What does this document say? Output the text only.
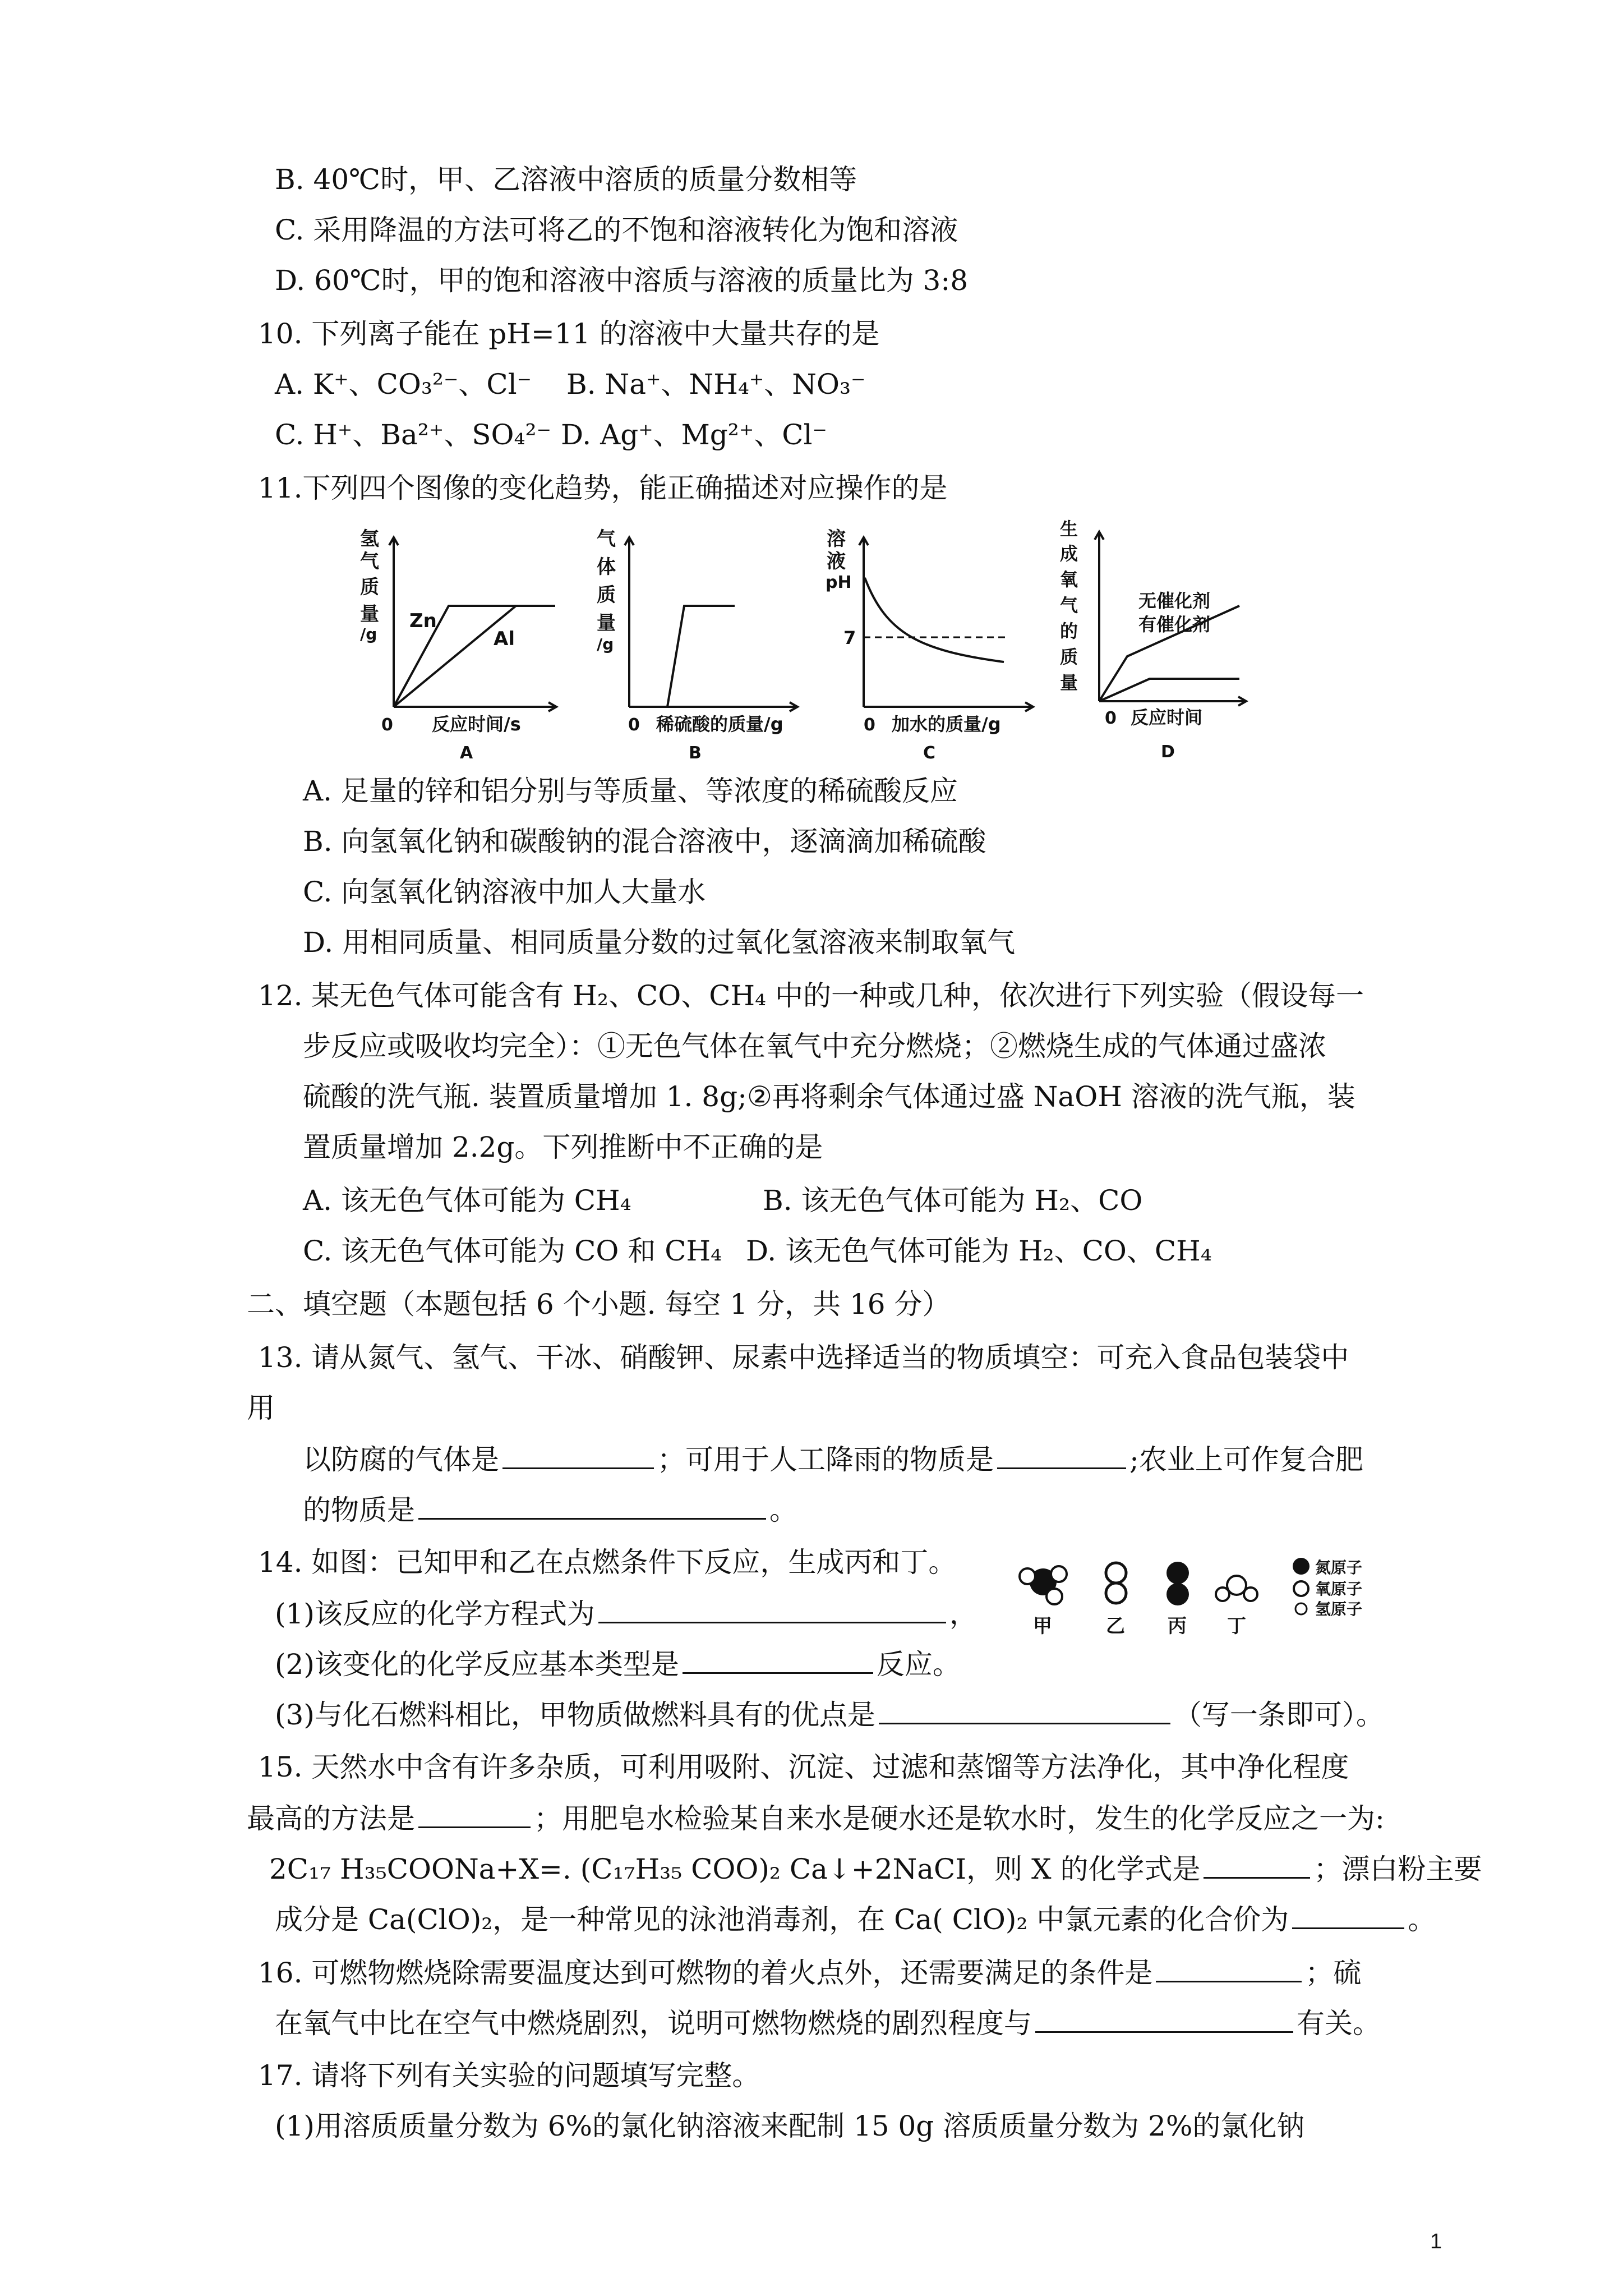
B. 40℃时，甲、乙溶液中溶质的质量分数相等
C. 采用降温的方法可将乙的不饱和溶液转化为饱和溶液
D. 60℃时，甲的饱和溶液中溶质与溶液的质量比为 3:8
10. 下列离子能在 pH=11 的溶液中大量共存的是
A. K⁺、CO₃²⁻、Cl⁻ B. Na⁺、NH₄⁺、NO₃⁻
C. H⁺、Ba²⁺、SO₄²⁻ D. Ag⁺、Mg²⁺、Cl⁻
11.下列四个图像的变化趋势，能正确描述对应操作的是
氢
气
质
量
/g
Zn
Al
0 反应时间/s
A
气
体
质
量
/g
0 稀硫酸的质量/g
B
溶
液
pH
7
0 加水的质量/g
C
生
成
氧
气
的
质
量
无催化剂
有催化剂
0 反应时间
D
A. 足量的锌和铝分别与等质量、等浓度的稀硫酸反应
B. 向氢氧化钠和碳酸钠的混合溶液中，逐滴滴加稀硫酸
C. 向氢氧化钠溶液中加人大量水
D. 用相同质量、相同质量分数的过氧化氢溶液来制取氧气
12. 某无色气体可能含有 H₂、CO、CH₄ 中的一种或几种，依次进行下列实验（假设每一
步反应或吸收均完全）：①无色气体在氧气中充分燃烧；②燃烧生成的气体通过盛浓
硫酸的洗气瓶. 装置质量增加 1. 8g;②再将剩余气体通过盛 NaOH 溶液的洗气瓶，装
置质量增加 2.2g。下列推断中不正确的是
A. 该无色气体可能为 CH₄	B. 该无色气体可能为 H₂、CO
C. 该无色气体可能为 CO 和 CH₄ D. 该无色气体可能为 H₂、CO、CH₄
二、填空题（本题包括 6 个小题. 每空 1 分，共 16 分）
13. 请从氮气、氢气、干冰、硝酸钾、尿素中选择适当的物质填空：可充入食品包装袋中
用
以防腐的气体是	；可用于人工降雨的物质是	;农业上可作复合肥
的物质是	。
14. 如图：已知甲和乙在点燃条件下反应，生成丙和丁。
(1)该反应的化学方程式为	，
(2)该变化的化学反应基本类型是	反应。
(3)与化石燃料相比，甲物质做燃料具有的优点是	（写一条即可）。
甲	乙 丙 丁
氮原子
氧原子
氢原子
15. 天然水中含有许多杂质，可利用吸附、沉淀、过滤和蒸馏等方法净化，其中净化程度
最高的方法是	；用肥皂水检验某自来水是硬水还是软水时，发生的化学反应之一为:
2C₁₇ H₃₅COONa+X=. (C₁₇H₃₅ COO)₂ Ca↓+2NaCI，则 X 的化学式是	；漂白粉主要
成分是 Ca(ClO)₂，是一种常见的泳池消毒剂，在 Ca( ClO)₂ 中氯元素的化合价为	。
16. 可燃物燃烧除需要温度达到可燃物的着火点外，还需要满足的条件是	；硫
在氧气中比在空气中燃烧剧烈，说明可燃物燃烧的剧烈程度与	有关。
17. 请将下列有关实验的问题填写完整。
(1)用溶质质量分数为 6%的氯化钠溶液来配制 15 0g 溶质质量分数为 2%的氯化钠
1
